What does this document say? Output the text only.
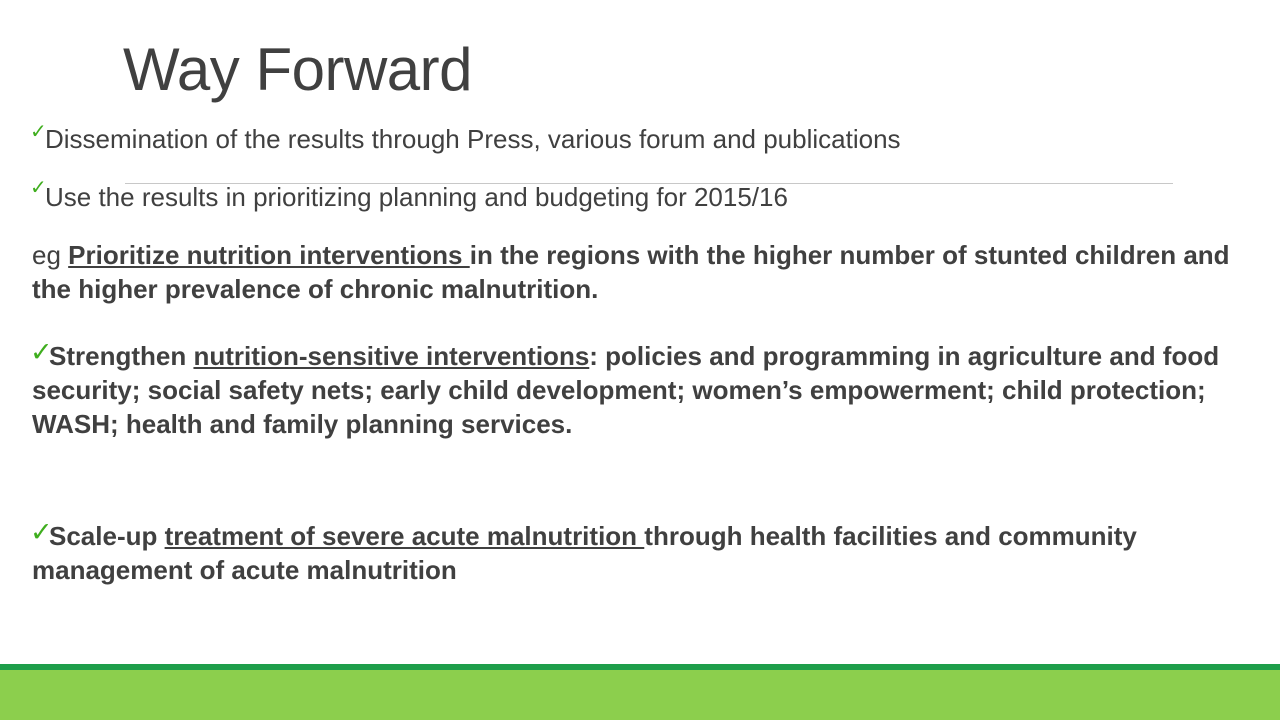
Way Forward
✓

Dissemination of the results through Press, various forum and publications

✓

Use the results in prioritizing planning and budgeting for 2015/16

eg Prioritize nutrition interventions in the regions with the higher number of stunted children and the higher prevalence of chronic malnutrition.

✓

Strengthen nutrition-sensitive interventions: policies and programming in agriculture and food security; social safety nets; early child development; women’s empowerment; child protection; WASH; health and family planning services.

✓

Scale-up treatment of severe acute malnutrition through health facilities and community management of acute malnutrition
